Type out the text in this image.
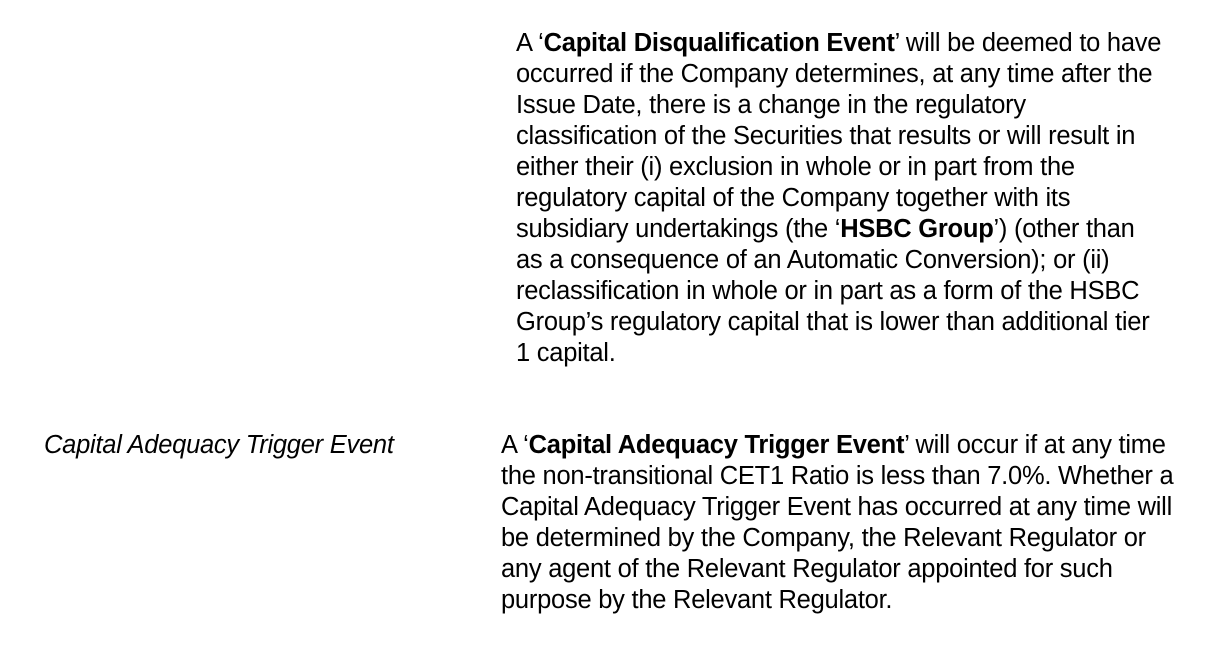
A ‘Capital Disqualification Event’ will be deemed to have occurred if the Company determines, at any time after the Issue Date, there is a change in the regulatory classification of the Securities that results or will result in either their (i) exclusion in whole or in part from the regulatory capital of the Company together with its subsidiary undertakings (the ‘HSBC Group’) (other than as a consequence of an Automatic Conversion); or (ii) reclassification in whole or in part as a form of the HSBC Group’s regulatory capital that is lower than additional tier 1 capital.

Capital Adequacy Trigger Event	A ‘Capital Adequacy Trigger Event’ will occur if at any time the non-transitional CET1 Ratio is less than 7.0%. Whether a Capital Adequacy Trigger Event has occurred at any time will be determined by the Company, the Relevant Regulator or any agent of the Relevant Regulator appointed for such purpose by the Relevant Regulator.
